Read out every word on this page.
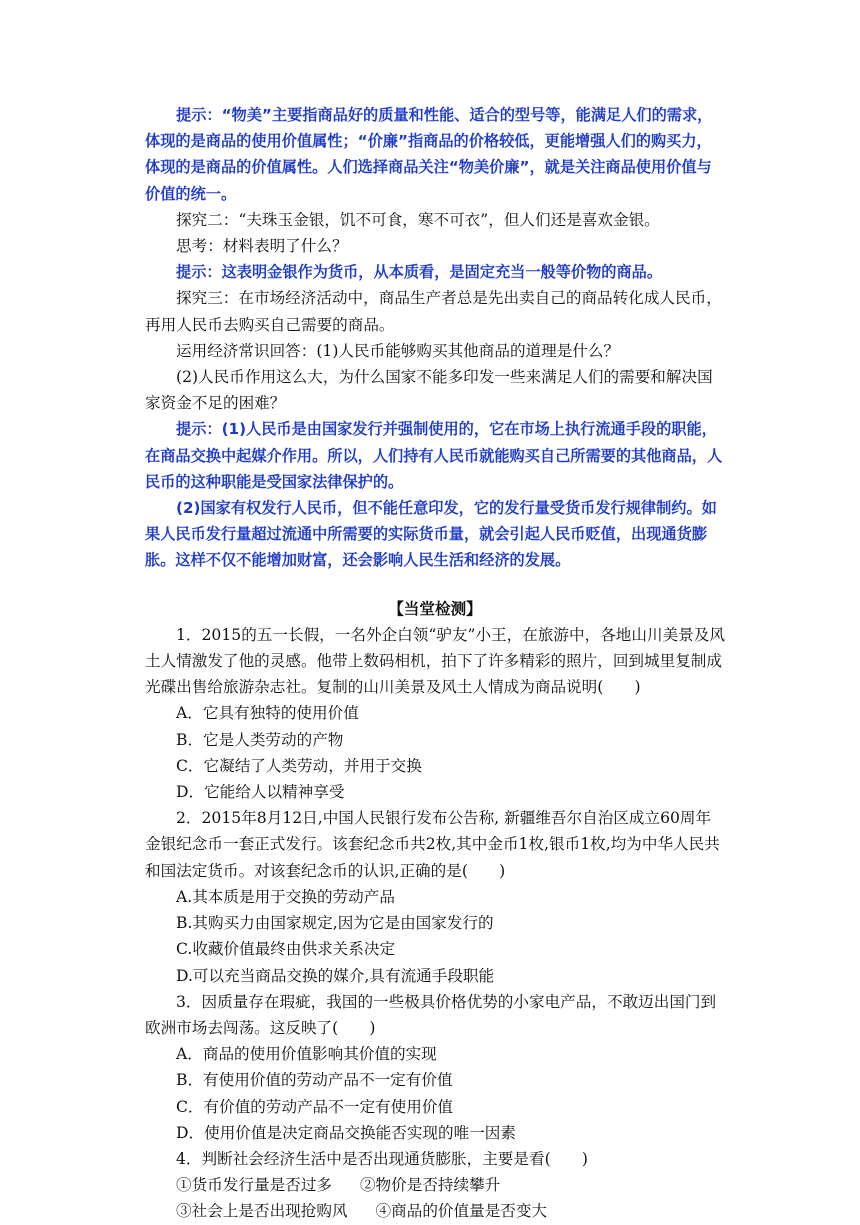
提示：“物美”主要指商品好的质量和性能、适合的型号等，能满足人们的需求，体现的是商品的使用价值属性；“价廉”指商品的价格较低，更能增强人们的购买力，体现的是商品的价值属性。人们选择商品关注“物美价廉”，就是关注商品使用价值与价值的统一。

探究二：“夫珠玉金银，饥不可食，寒不可衣”，但人们还是喜欢金银。

思考：材料表明了什么？

提示：这表明金银作为货币，从本质看，是固定充当一般等价物的商品。

探究三：在市场经济活动中，商品生产者总是先出卖自己的商品转化成人民币，再用人民币去购买自己需要的商品。

运用经济常识回答：(1)人民币能够购买其他商品的道理是什么？

(2)人民币作用这么大，为什么国家不能多印发一些来满足人们的需要和解决国家资金不足的困难？

提示：(1)人民币是由国家发行并强制使用的，它在市场上执行流通手段的职能，在商品交换中起媒介作用。所以，人们持有人民币就能购买自己所需要的其他商品，人民币的这种职能是受国家法律保护的。

(2)国家有权发行人民币，但不能任意印发，它的发行量受货币发行规律制约。如果人民币发行量超过流通中所需要的实际货币量，就会引起人民币贬值，出现通货膨胀。这样不仅不能增加财富，还会影响人民生活和经济的发展。

【当堂检测】

1．2015的五一长假，一名外企白领“驴友”小王，在旅游中，各地山川美景及风土人情激发了他的灵感。他带上数码相机，拍下了许多精彩的照片，回到城里复制成光碟出售给旅游杂志社。复制的山川美景及风土人情成为商品说明(　　)

A．它具有独特的使用价值

B．它是人类劳动的产物

C．它凝结了人类劳动，并用于交换

D．它能给人以精神享受

2．2015年8月12日,中国人民银行发布公告称, 新疆维吾尔自治区成立60周年金银纪念币一套正式发行。该套纪念币共2枚,其中金币1枚,银币1枚,均为中华人民共和国法定货币。对该套纪念币的认识,正确的是(　　)

A.其本质是用于交换的劳动产品

B.其购买力由国家规定,因为它是由国家发行的

C.收藏价值最终由供求关系决定

D.可以充当商品交换的媒介,具有流通手段职能

3．因质量存在瑕疵，我国的一些极具价格优势的小家电产品，不敢迈出国门到欧洲市场去闯荡。这反映了(　　)

A．商品的使用价值影响其价值的实现

B．有使用价值的劳动产品不一定有价值

C．有价值的劳动产品不一定有使用价值

D．使用价值是决定商品交换能否实现的唯一因素

4．判断社会经济生活中是否出现通货膨胀，主要是看(　　)

①货币发行量是否过多 ②物价是否持续攀升

③社会上是否出现抢购风 ④商品的价值量是否变大
